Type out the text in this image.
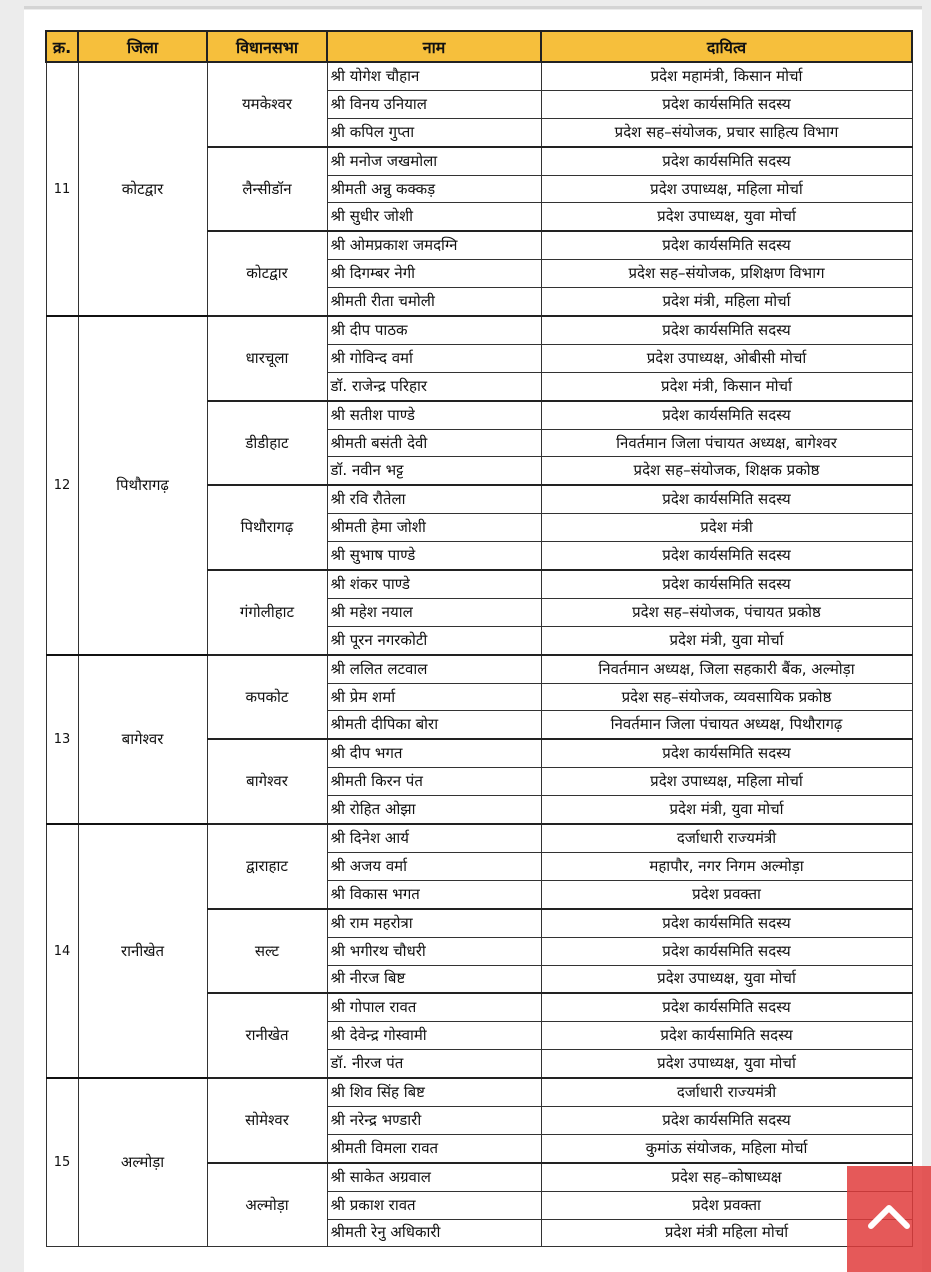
क्र.	जिला	विधानसभा	नाम	दायित्व
11	कोटद्वार	यमकेश्वर	श्री योगेश चौहान	प्रदेश महामंत्री, किसान मोर्चा
			श्री विनय उनियाल	प्रदेश कार्यसमिति सदस्य
			श्री कपिल गुप्ता	प्रदेश सह–संयोजक, प्रचार साहित्य विभाग
		लैन्सीडॉन	श्री मनोज जखमोला	प्रदेश कार्यसमिति सदस्य
			श्रीमती अन्नु कक्कड़	प्रदेश उपाध्यक्ष, महिला मोर्चा
			श्री सुधीर जोशी	प्रदेश उपाध्यक्ष, युवा मोर्चा
		कोटद्वार	श्री ओमप्रकाश जमदग्नि	प्रदेश कार्यसमिति सदस्य
			श्री दिगम्बर नेगी	प्रदेश सह–संयोजक, प्रशिक्षण विभाग
			श्रीमती रीता चमोली	प्रदेश मंत्री, महिला मोर्चा
12	पिथौरागढ़	धारचूला	श्री दीप पाठक	प्रदेश कार्यसमिति सदस्य
			श्री गोविन्द वर्मा	प्रदेश उपाध्यक्ष, ओबीसी मोर्चा
			डॉ. राजेन्द्र परिहार	प्रदेश मंत्री, किसान मोर्चा
		डीडीहाट	श्री सतीश पाण्डे	प्रदेश कार्यसमिति सदस्य
			श्रीमती बसंती देवी	निवर्तमान जिला पंचायत अध्यक्ष, बागेश्वर
			डॉ. नवीन भट्ट	प्रदेश सह–संयोजक, शिक्षक प्रकोष्ठ
		पिथौरागढ़	श्री रवि रौतेला	प्रदेश कार्यसमिति सदस्य
			श्रीमती हेमा जोशी	प्रदेश मंत्री
			श्री सुभाष पाण्डे	प्रदेश कार्यसमिति सदस्य
		गंगोलीहाट	श्री शंकर पाण्डे	प्रदेश कार्यसमिति सदस्य
			श्री महेश नयाल	प्रदेश सह–संयोजक, पंचायत प्रकोष्ठ
			श्री पूरन नगरकोटी	प्रदेश मंत्री, युवा मोर्चा
13	बागेश्वर	कपकोट	श्री ललित लटवाल	निवर्तमान अध्यक्ष, जिला सहकारी बैंक, अल्मोड़ा
			श्री प्रेम शर्मा	प्रदेश सह–संयोजक, व्यवसायिक प्रकोष्ठ
			श्रीमती दीपिका बोरा	निवर्तमान जिला पंचायत अध्यक्ष, पिथौरागढ़
		बागेश्वर	श्री दीप भगत	प्रदेश कार्यसमिति सदस्य
			श्रीमती किरन पंत	प्रदेश उपाध्यक्ष, महिला मोर्चा
			श्री रोहित ओझा	प्रदेश मंत्री, युवा मोर्चा
14	रानीखेत	द्वाराहाट	श्री दिनेश आर्य	दर्जाधारी राज्यमंत्री
			श्री अजय वर्मा	महापौर, नगर निगम अल्मोड़ा
			श्री विकास भगत	प्रदेश प्रवक्ता
		सल्ट	श्री राम महरोत्रा	प्रदेश कार्यसमिति सदस्य
			श्री भगीरथ चौधरी	प्रदेश कार्यसमिति सदस्य
			श्री नीरज बिष्ट	प्रदेश उपाध्यक्ष, युवा मोर्चा
		रानीखेत	श्री गोपाल रावत	प्रदेश कार्यसमिति सदस्य
			श्री देवेन्द्र गोस्वामी	प्रदेश कार्यसामिति सदस्य
			डॉ. नीरज पंत	प्रदेश उपाध्यक्ष, युवा मोर्चा
15	अल्मोड़ा	सोमेश्वर	श्री शिव सिंह बिष्ट	दर्जाधारी राज्यमंत्री
			श्री नरेन्द्र भण्डारी	प्रदेश कार्यसमिति सदस्य
			श्रीमती विमला रावत	कुमांऊ संयोजक, महिला मोर्चा
		अल्मोड़ा	श्री साकेत अग्रवाल	प्रदेश सह–कोषाध्यक्ष
			श्री प्रकाश रावत	प्रदेश प्रवक्ता
			श्रीमती रेनु अधिकारी	प्रदेश मंत्री महिला मोर्चा
